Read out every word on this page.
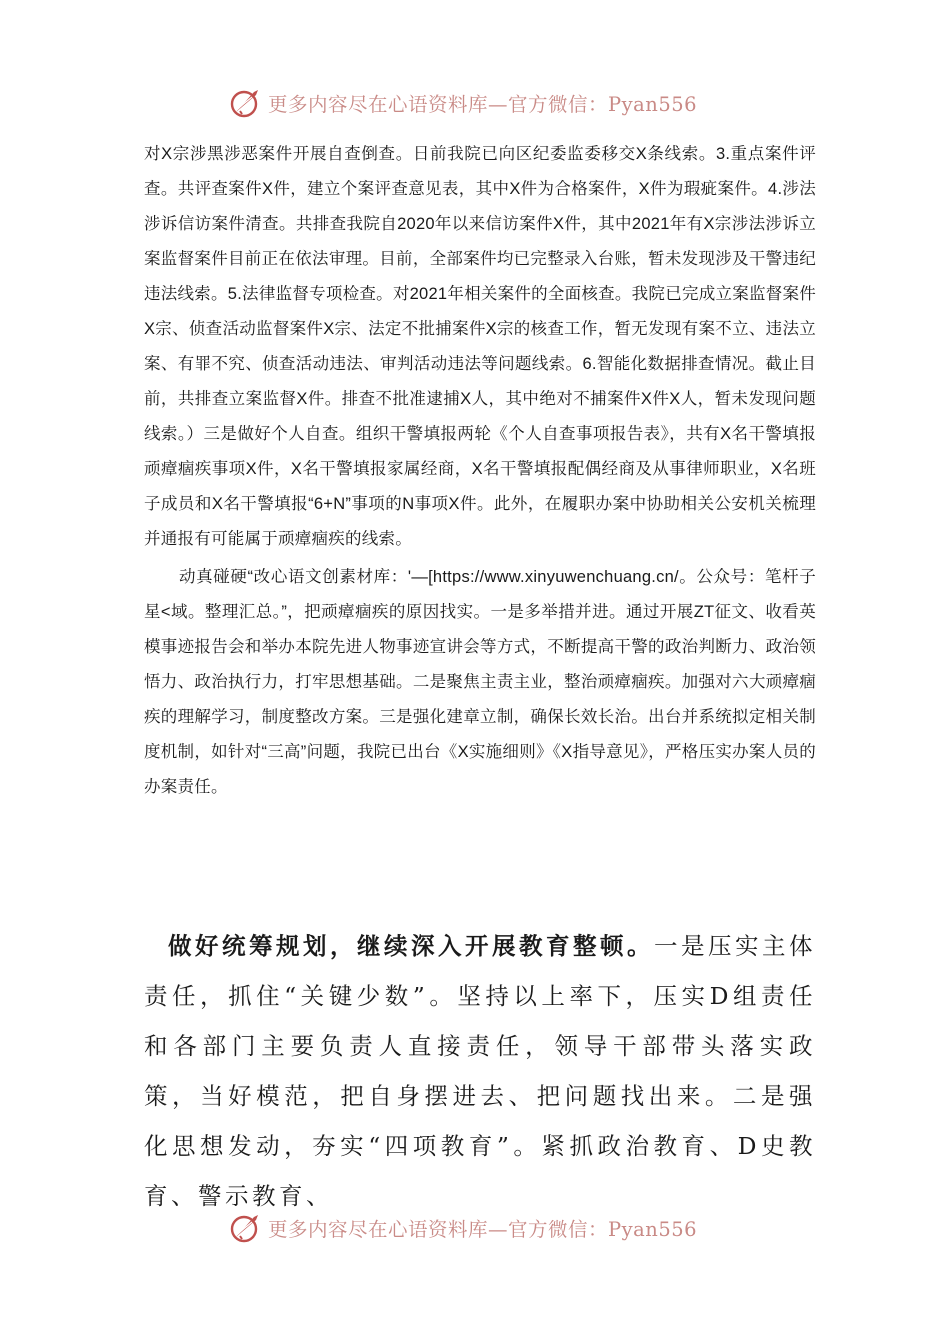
更多内容尽在心语资料库—官方微信：Pyan556

对X宗涉黑涉恶案件开展自查倒查。日前我院已向区纪委监委移交X条线索。3.重点案件评查。共评查案件X件，建立个案评查意见表，其中X件为合格案件，X件为瑕疵案件。4.涉法涉诉信访案件清查。共排查我院自2020年以来信访案件X件，其中2021年有X宗涉法涉诉立案监督案件目前正在依法审理。目前，全部案件均已完整录入台账，暂未发现涉及干警违纪违法线索。5.法律监督专项检查。对2021年相关案件的全面核查。我院已完成立案监督案件X宗、侦查活动监督案件X宗、法定不批捕案件X宗的核查工作，暂无发现有案不立、违法立案、有罪不究、侦查活动违法、审判活动违法等问题线索。6.智能化数据排查情况。截止目前，共排查立案监督X件。排查不批准逮捕X人，其中绝对不捕案件X件X人，暂未发现问题线索。）三是做好个人自查。组织干警填报两轮《个人自查事项报告表》，共有X名干警填报顽瘴痼疾事项X件，X名干警填报家属经商，X名干警填报配偶经商及从事律师职业，X名班子成员和X名干警填报“6+N”事项的N事项X件。此外，在履职办案中协助相关公安机关梳理并通报有可能属于顽瘴痼疾的线索。

动真碰硬“改心语文创素材库：'—[https://www.xinyuwenchuang.cn/。公众号：笔杆子星<域。整理汇总。”，把顽瘴痼疾的原因找实。一是多举措并进。通过开展ZT征文、收看英模事迹报告会和举办本院先进人物事迹宣讲会等方式，不断提高干警的政治判断力、政治领悟力、政治执行力，打牢思想基础。二是聚焦主责主业，整治顽瘴痼疾。加强对六大顽瘴痼疾的理解学习，制度整改方案。三是强化建章立制，确保长效长治。出台并系统拟定相关制度机制，如针对“三高”问题，我院已出台《X实施细则》《X指导意见》，严格压实办案人员的办案责任。

做好统筹规划，继续深入开展教育整顿。一是压实主体责任，抓住“关键少数”。坚持以上率下，压实D组责任和各部门主要负责人直接责任，领导干部带头落实政策，当好模范，把自身摆进去、把问题找出来。二是强化思想发动，夯实“四项教育”。紧抓政治教育、D史教育、警示教育、

更多内容尽在心语资料库—官方微信：Pyan556
